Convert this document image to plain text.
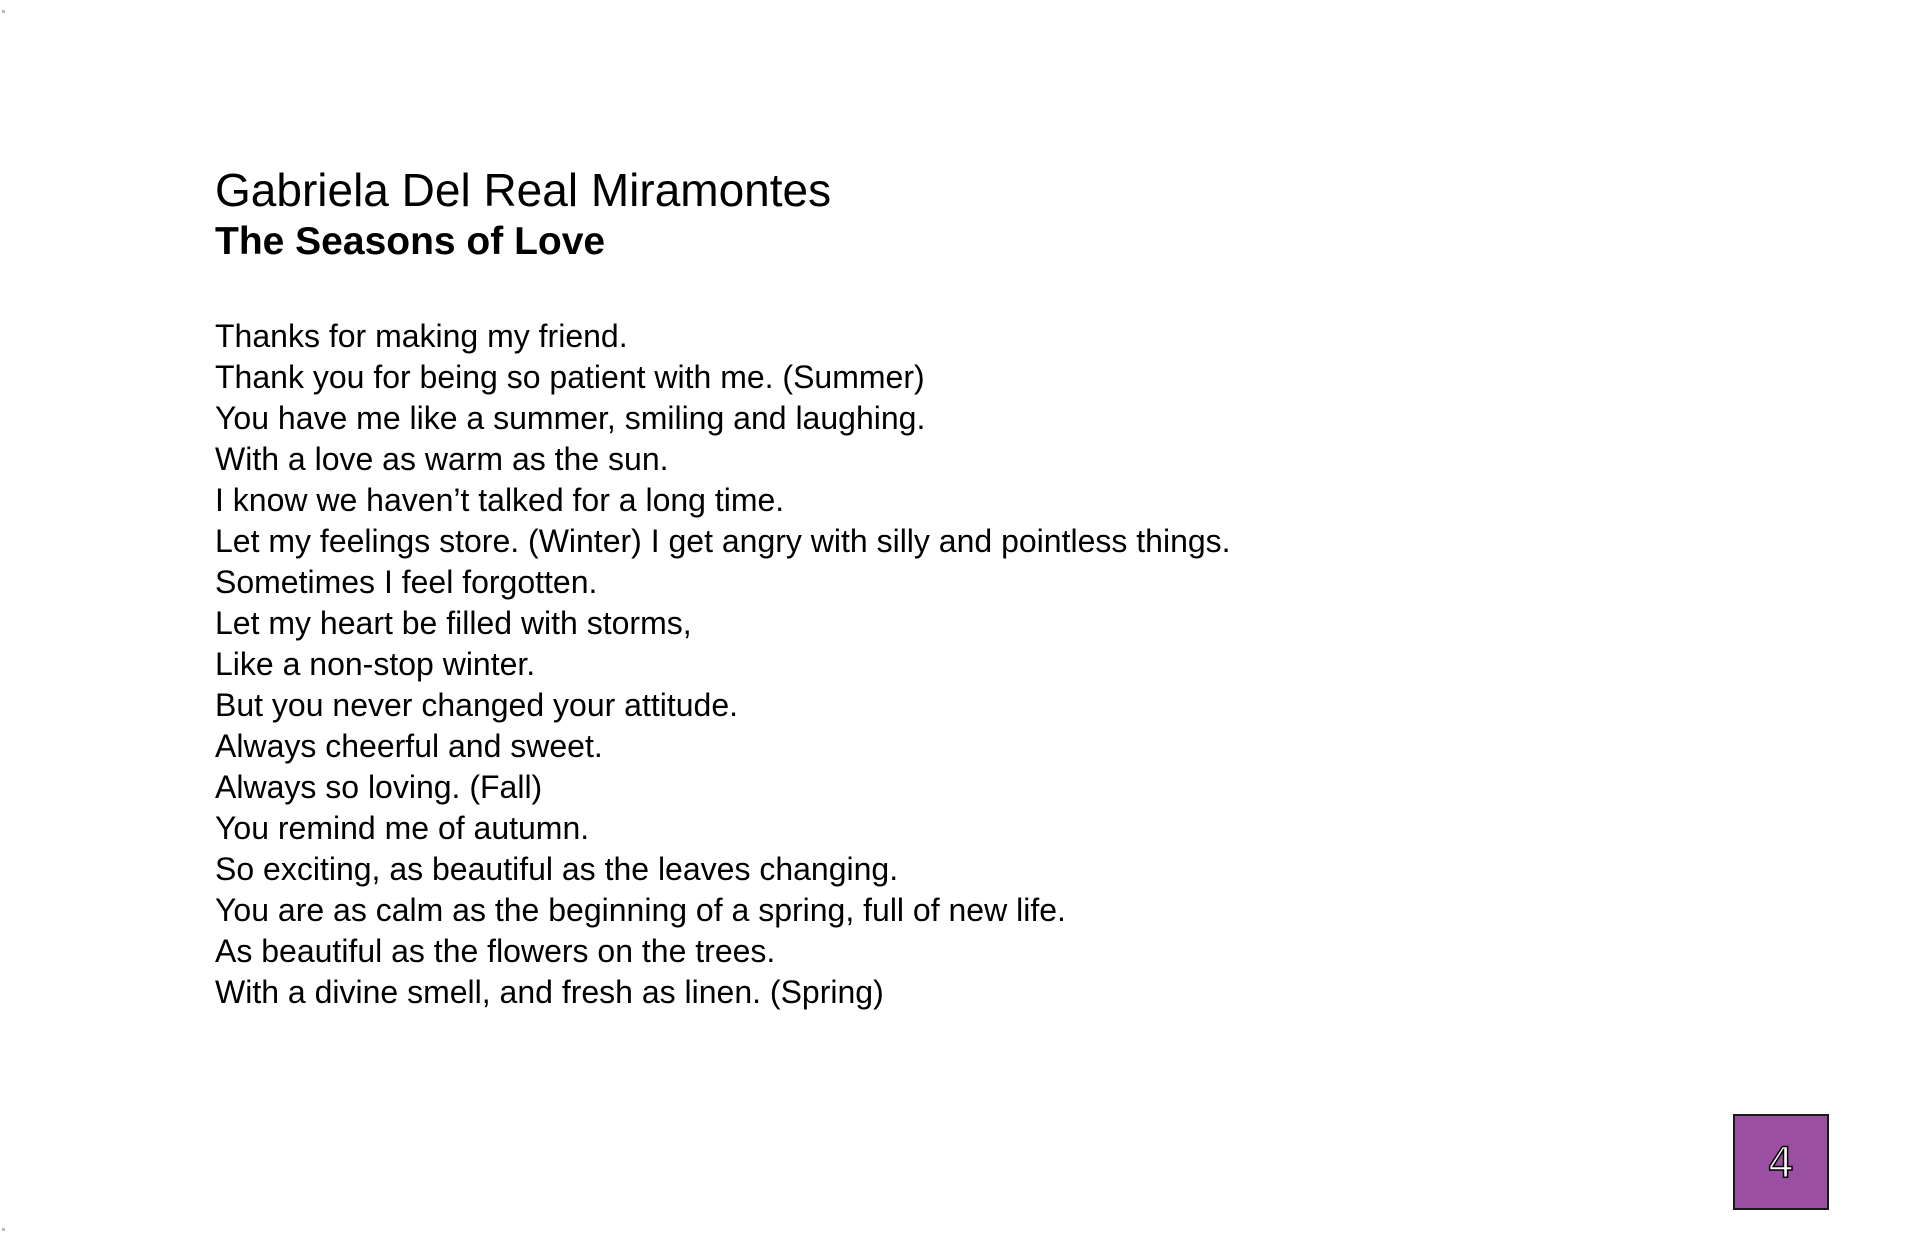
Gabriela Del Real Miramontes
The Seasons of Love
Thanks for making my friend.
Thank you for being so patient with me. (Summer)
You have me like a summer, smiling and laughing.
With a love as warm as the sun.
I know we haven’t talked for a long time.
Let my feelings store. (Winter) I get angry with silly and pointless things.
Sometimes I feel forgotten.
Let my heart be filled with storms,
Like a non-stop winter.
But you never changed your attitude.
Always cheerful and sweet.
Always so loving. (Fall)
You remind me of autumn.
So exciting, as beautiful as the leaves changing.
You are as calm as the beginning of a spring, full of new life.
As beautiful as the flowers on the trees.
With a divine smell, and fresh as linen. (Spring)
4
